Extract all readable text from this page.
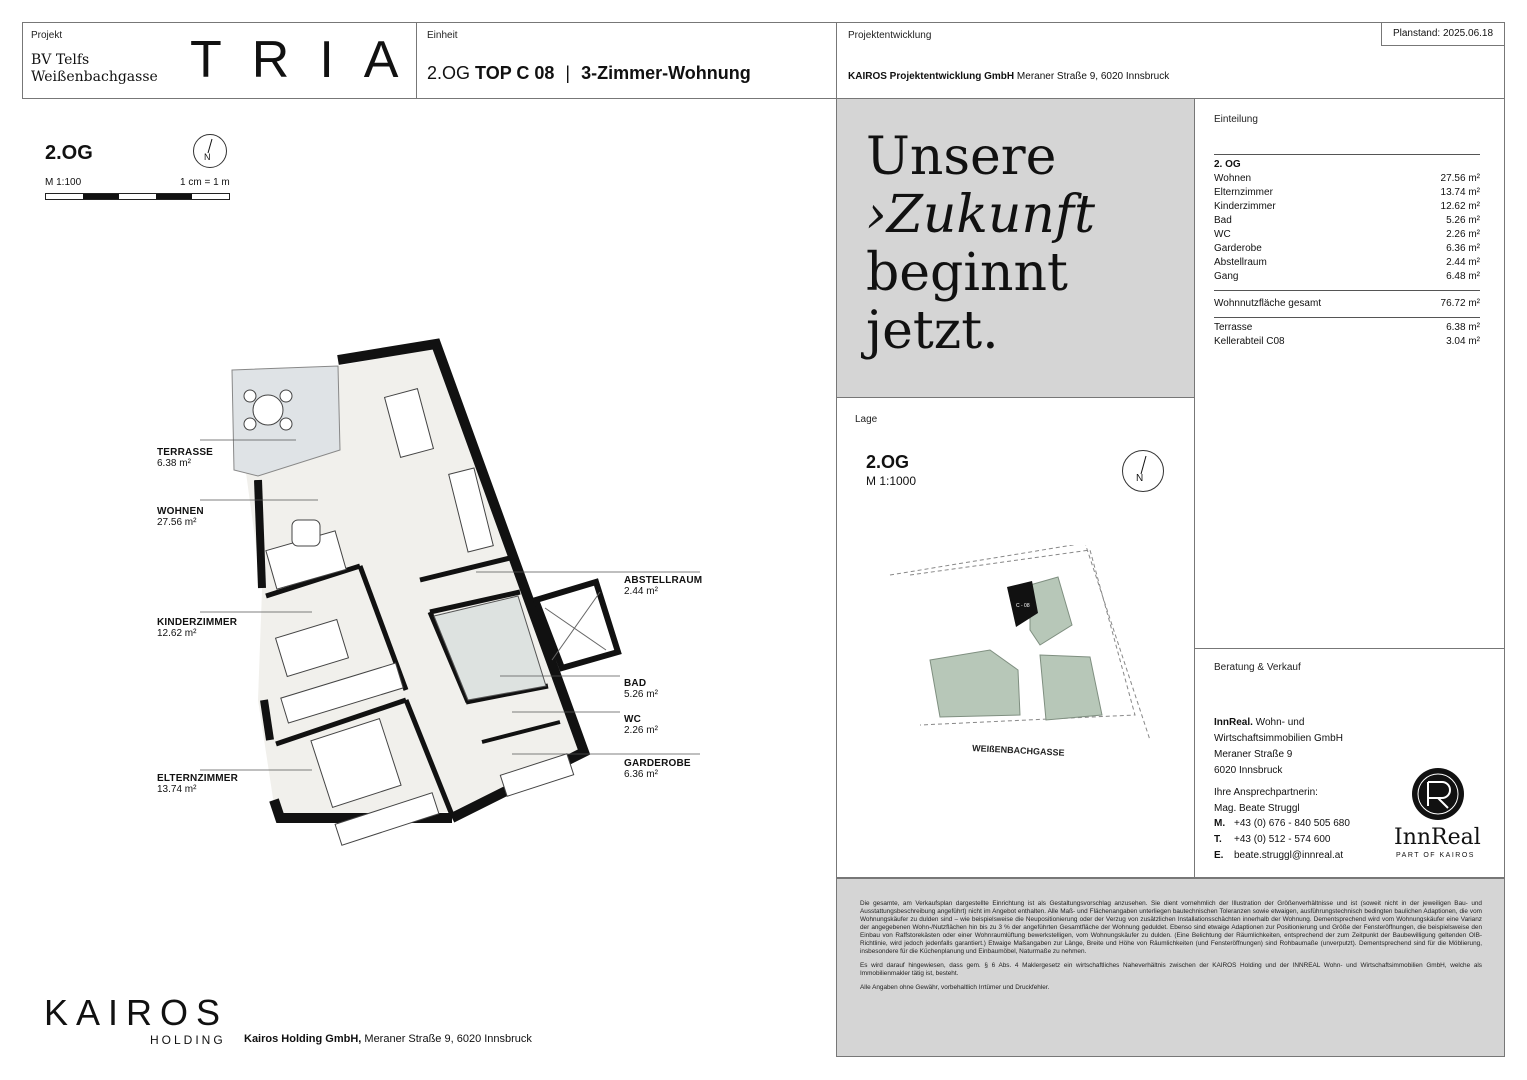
Projekt
BV Telfs
Weißenbachgasse TRIA
Einheit
2.OG TOP C 08 | 3-Zimmer-Wohnung
Projektentwicklung
KAIROS Projektentwicklung GmbH Meraner Straße 9, 6020 Innsbruck
Planstand: 2025.06.18
2.OG
M 1:100	1 cm = 1 m
N
TERRASSE
6.38 m²
WOHNEN
27.56 m²
KINDERZIMMER
12.62 m²
ELTERNZIMMER
13.74 m²
ABSTELLRAUM
2.44 m²
BAD
5.26 m²
WC
2.26 m²
GARDEROBE
6.36 m²
KAIROS
HOLDING Kairos Holding GmbH, Meraner Straße 9, 6020 Innsbruck
Unsere
›Zukunft
beginnt
jetzt.
Einteilung
2. OG
Wohnen	27.56 m²
Elternzimmer	13.74 m²
Kinderzimmer	12.62 m²
Bad	5.26 m²
WC	2.26 m²
Garderobe	6.36 m²
Abstellraum	2.44 m²
Gang	6.48 m²
Wohnnutzfläche gesamt	76.72 m²
Terrasse	6.38 m²
Kellerabteil C08	3.04 m²
Lage
2.OG
M 1:1000	N
C - 08
WEIßENBACHGASSE
Beratung & Verkauf
InnReal. Wohn- und
Wirtschaftsimmobilien GmbH
Meraner Straße 9
6020 Innsbruck
Ihre Ansprechpartnerin:
Mag. Beate Struggl
M. +43 (0) 676 - 840 505 680
T. +43 (0) 512 - 574 600
E. beate.struggl@innreal.at
InnReal
PART OF KAIROS

Die gesamte, am Verkaufsplan dargestellte Einrichtung ist als Gestaltungsvorschlag anzusehen. Sie dient vornehmlich der Illustration der Größenverhältnisse und ist (soweit nicht in der jeweiligen Bau- und Ausstattungsbeschreibung angeführt) nicht im Angebot enthalten. Alle Maß- und Flächenangaben unterliegen bautechnischen Toleranzen sowie etwaigen, ausführungstechnisch bedingten baulichen Adaptionen, die vom Wohnungskäufer zu dulden sind – wie beispielsweise die Neupositionierung oder der Verzug von zusätzlichen Installationsschächten innerhalb der Wohnung. Dementsprechend wird vom Wohnungskäufer eine Varianz der angegebenen Wohn-/Nutzflächen hin bis zu 3 % der angeführten Gesamtfläche der Wohnung geduldet. Ebenso sind etwaige Adaptionen zur Positionierung und Größe der Fensteröffnungen, die beispielsweise den Einbau von Raffstorekästen oder einer Wohnraumlüftung bewerkstelligen, vom Wohnungskäufer zu dulden. (Eine Belichtung der Räumlichkeiten, entsprechend der zum Zeitpunkt der Baubewilligung geltenden OIB-Richtlinie, wird jedoch jedenfalls garantiert.) Etwaige Maßangaben zur Länge, Breite und Höhe von Räumlichkeiten (und Fensteröffnungen) sind Rohbaumaße (unverputzt). Dementsprechend sind für die Möblierung, insbesondere für die Küchenplanung und Einbaumöbel, Naturmaße zu nehmen.

Es wird darauf hingewiesen, dass gem. § 6 Abs. 4 Maklergesetz ein wirtschaftliches Naheverhältnis zwischen der KAIROS Holding und der INNREAL Wohn- und Wirtschaftsimmobilien GmbH, welche als Immobilienmakler tätig ist, besteht.

Alle Angaben ohne Gewähr, vorbehaltlich Irrtümer und Druckfehler.
